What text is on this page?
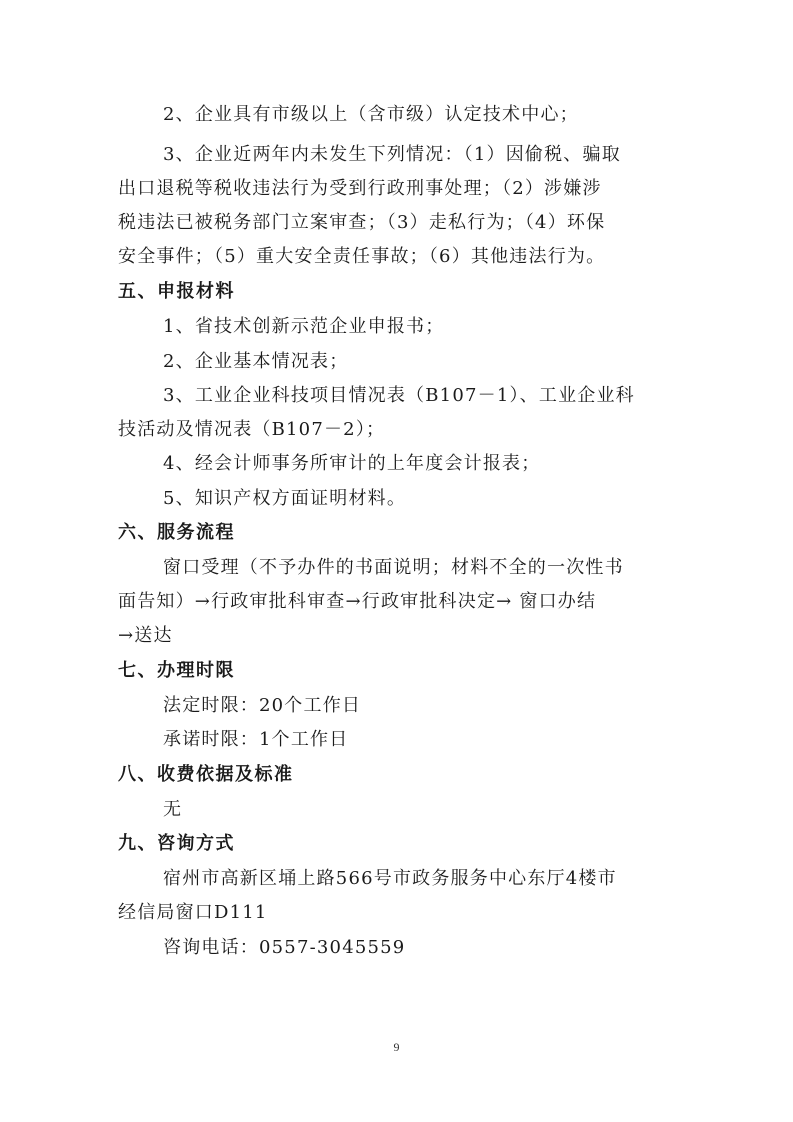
2、企业具有市级以上（含市级）认定技术中心；
3、企业近两年内未发生下列情况：（1）因偷税、骗取
出口退税等税收违法行为受到行政刑事处理；（2）涉嫌涉
税违法已被税务部门立案审查；（3）走私行为；（4）环保
安全事件；（5）重大安全责任事故；（6）其他违法行为。
五、申报材料
1、省技术创新示范企业申报书；
2、企业基本情况表；
3、工业企业科技项目情况表（B107－1）、工业企业科
技活动及情况表（B107－2）；
4、经会计师事务所审计的上年度会计报表；
5、知识产权方面证明材料。
六、服务流程
窗口受理（不予办件的书面说明；材料不全的一次性书
面告知）→行政审批科审查→行政审批科决定→ 窗口办结
→送达
七、办理时限
法定时限：20个工作日
承诺时限：1个工作日
八、收费依据及标准
无
九、咨询方式
宿州市高新区埇上路566号市政务服务中心东厅4楼市
经信局窗口D111
咨询电话：0557-3045559
9
